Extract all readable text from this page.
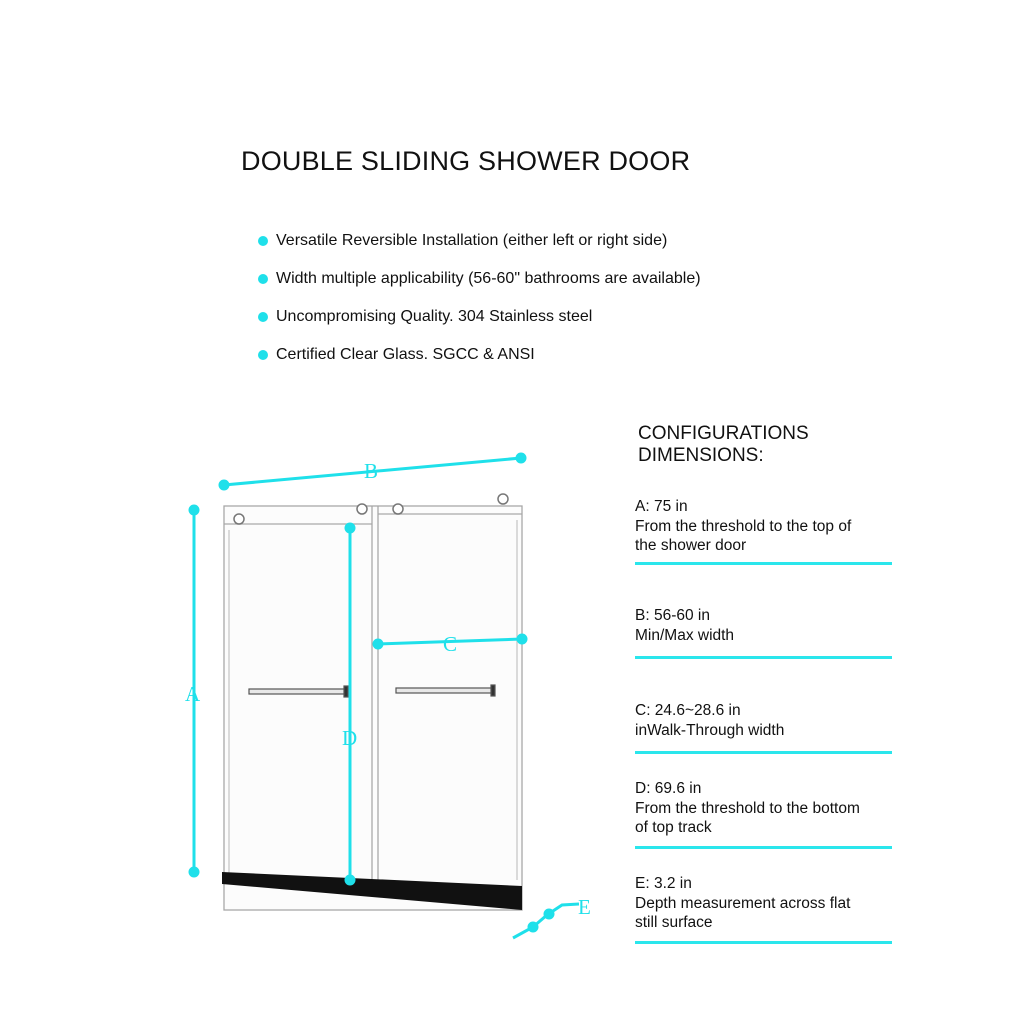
DOUBLE SLIDING SHOWER DOOR
Versatile Reversible Installation (either left or right side)
Width multiple applicability (56-60" bathrooms are available)
Uncompromising Quality. 304 Stainless steel
Certified Clear Glass. SGCC & ANSI
A
B
C
D
E
CONFIGURATIONS
DIMENSIONS:
A: 75 in
From the threshold to the top of
the shower door
B: 56-60 in
Min/Max width
C: 24.6~28.6 in
inWalk-Through width
D: 69.6 in
From the threshold to the bottom
of top track
E: 3.2 in
Depth measurement across flat
still surface
